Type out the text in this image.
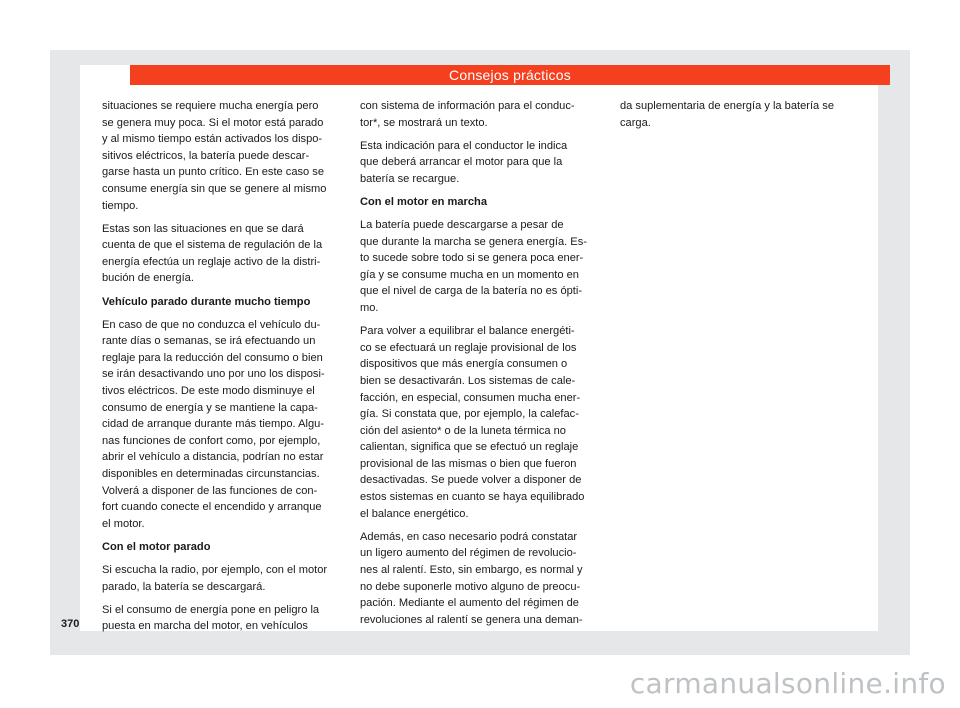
Consejos prácticos

situaciones se requiere mucha energía pero
se genera muy poca. Si el motor está parado
y al mismo tiempo están activados los dispo-
sitivos eléctricos, la batería puede descar-
garse hasta un punto crítico. En este caso se
consume energía sin que se genere al mismo
tiempo.

Estas son las situaciones en que se dará
cuenta de que el sistema de regulación de la
energía efectúa un reglaje activo de la distri-
bución de energía.

Vehículo parado durante mucho tiempo

En caso de que no conduzca el vehículo du-
rante días o semanas, se irá efectuando un
reglaje para la reducción del consumo o bien
se irán desactivando uno por uno los disposi-
tivos eléctricos. De este modo disminuye el
consumo de energía y se mantiene la capa-
cidad de arranque durante más tiempo. Algu-
nas funciones de confort como, por ejemplo,
abrir el vehículo a distancia, podrían no estar
disponibles en determinadas circunstancias.
Volverá a disponer de las funciones de con-
fort cuando conecte el encendido y arranque
el motor.

Con el motor parado

Si escucha la radio, por ejemplo, con el motor
parado, la batería se descargará.

Si el consumo de energía pone en peligro la
puesta en marcha del motor, en vehículos

con sistema de información para el conduc-
tor*, se mostrará un texto.

Esta indicación para el conductor le indica
que deberá arrancar el motor para que la
batería se recargue.

Con el motor en marcha

La batería puede descargarse a pesar de
que durante la marcha se genera energía. Es-
to sucede sobre todo si se genera poca ener-
gía y se consume mucha en un momento en
que el nivel de carga de la batería no es ópti-
mo.

Para volver a equilibrar el balance energéti-
co se efectuará un reglaje provisional de los
dispositivos que más energía consumen o
bien se desactivarán. Los sistemas de cale-
facción, en especial, consumen mucha ener-
gía. Si constata que, por ejemplo, la calefac-
ción del asiento* o de la luneta térmica no
calientan, significa que se efectuó un reglaje
provisional de las mismas o bien que fueron
desactivadas. Se puede volver a disponer de
estos sistemas en cuanto se haya equilibrado
el balance energético.

Además, en caso necesario podrá constatar
un ligero aumento del régimen de revolucio-
nes al ralentí. Esto, sin embargo, es normal y
no debe suponerle motivo alguno de preocu-
pación. Mediante el aumento del régimen de
revoluciones al ralentí se genera una deman-

da suplementaria de energía y la batería se
carga.

370
carmanualsonline.info
